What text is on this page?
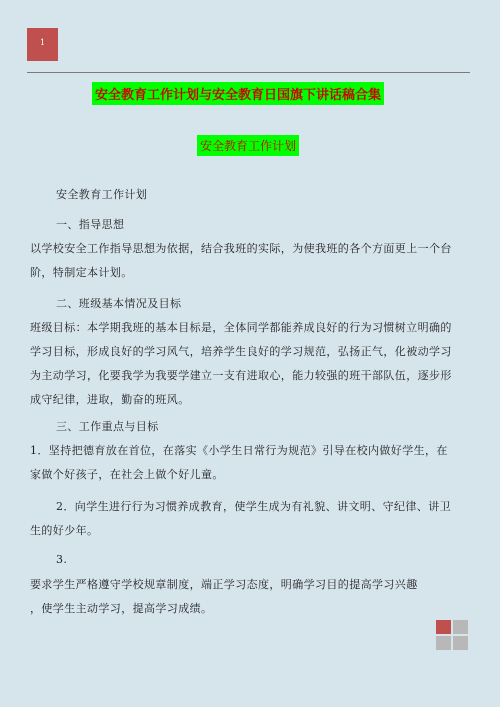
1
安全教育工作计划与安全教育日国旗下讲话稿合集
安全教育工作计划
安全教育工作计划
一、指导思想
以学校安全工作指导思想为依据，结合我班的实际，为使我班的各个方面更上一个台
阶，特制定本计划。
二、班级基本情况及目标
班级目标：本学期我班的基本目标是，全体同学都能养成良好的行为习惯树立明确的
学习目标，形成良好的学习风气，培养学生良好的学习规范，弘扬正气，化被动学习
为主动学习，化要我学为我要学建立一支有进取心，能力较强的班干部队伍，逐步形
成守纪律，进取，勤奋的班风。
三、工作重点与目标
1．坚持把德育放在首位，在落实《小学生日常行为规范》引导在校内做好学生，在
家做个好孩子，在社会上做个好儿童。
2．向学生进行行为习惯养成教育，使学生成为有礼貌、讲文明、守纪律、讲卫
生的好少年。
3.
要求学生严格遵守学校规章制度，端正学习态度，明确学习目的提高学习兴趣
，使学生主动学习，提高学习成绩。
